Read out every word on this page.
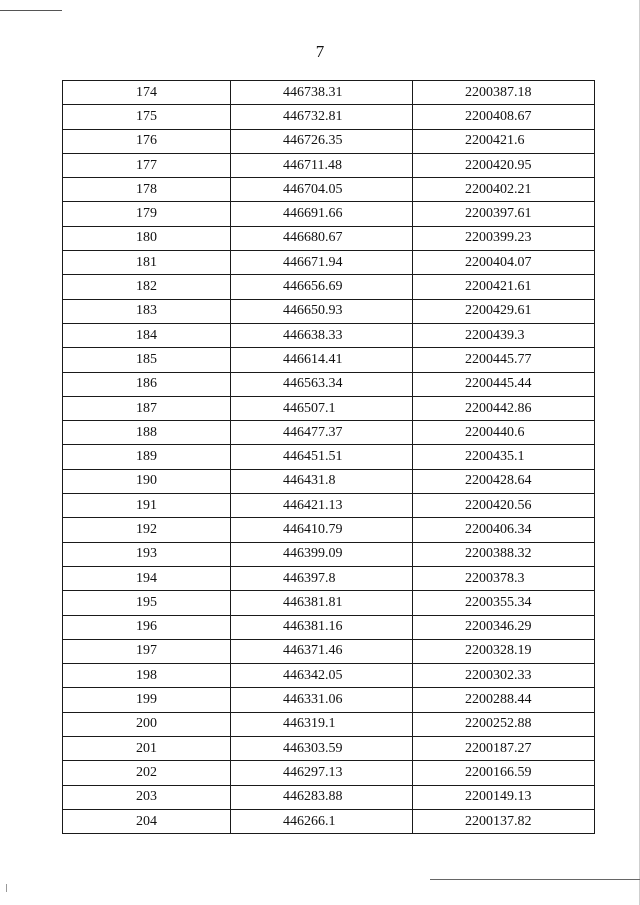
7
174	446738.31	2200387.18
175	446732.81	2200408.67
176	446726.35	2200421.6
177	446711.48	2200420.95
178	446704.05	2200402.21
179	446691.66	2200397.61
180	446680.67	2200399.23
181	446671.94	2200404.07
182	446656.69	2200421.61
183	446650.93	2200429.61
184	446638.33	2200439.3
185	446614.41	2200445.77
186	446563.34	2200445.44
187	446507.1	2200442.86
188	446477.37	2200440.6
189	446451.51	2200435.1
190	446431.8	2200428.64
191	446421.13	2200420.56
192	446410.79	2200406.34
193	446399.09	2200388.32
194	446397.8	2200378.3
195	446381.81	2200355.34
196	446381.16	2200346.29
197	446371.46	2200328.19
198	446342.05	2200302.33
199	446331.06	2200288.44
200	446319.1	2200252.88
201	446303.59	2200187.27
202	446297.13	2200166.59
203	446283.88	2200149.13
204	446266.1	2200137.82
